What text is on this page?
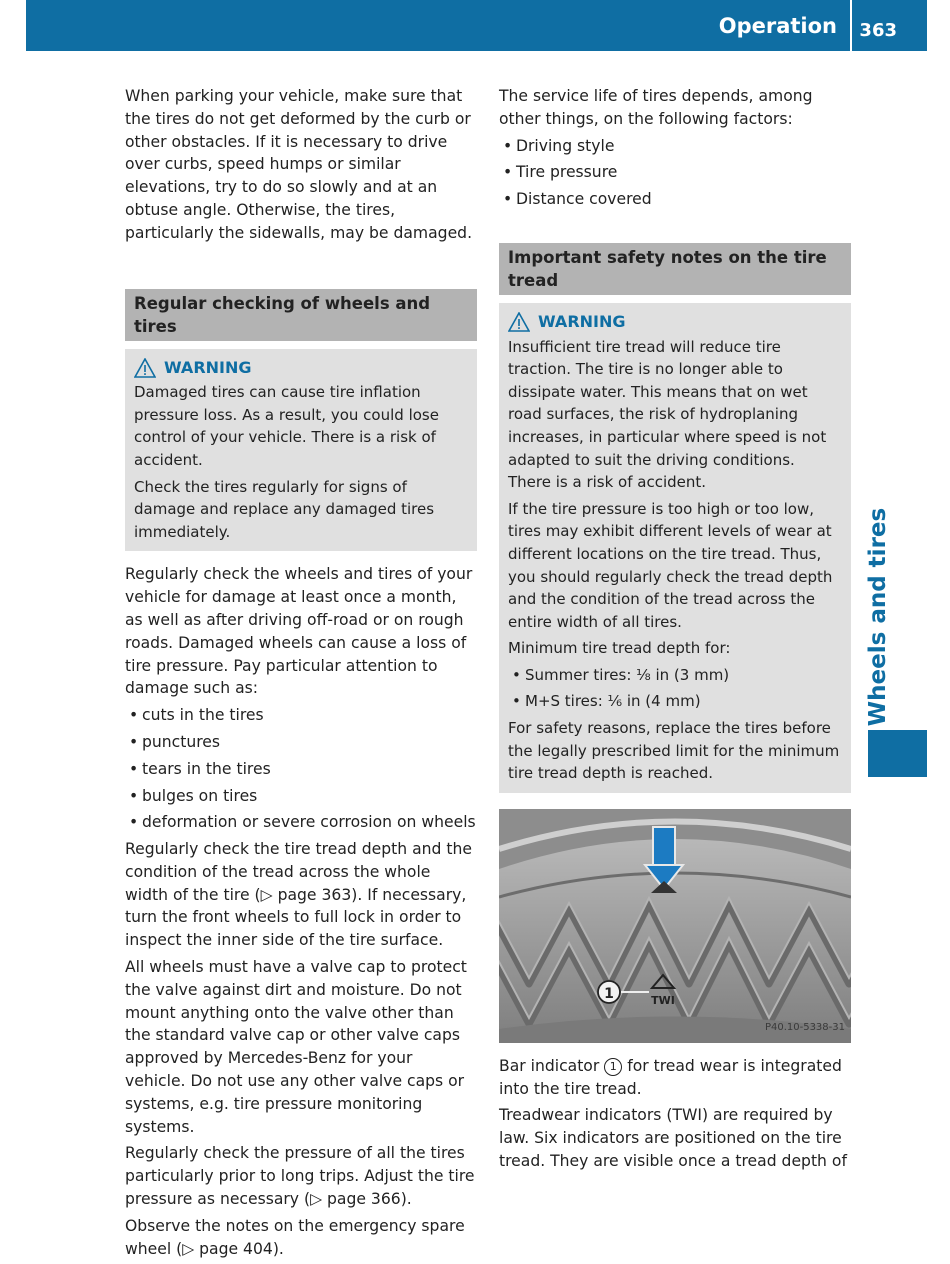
Operation 363
Wheels and tires

When parking your vehicle, make sure that the tires do not get deformed by the curb or other obstacles. If it is necessary to drive over curbs, speed humps or similar elevations, try to do so slowly and at an obtuse angle. Otherwise, the tires, particularly the sidewalls, may be damaged.

Regular checking of wheels and tires
WARNING

Damaged tires can cause tire inflation pressure loss. As a result, you could lose control of your vehicle. There is a risk of accident.

Check the tires regularly for signs of damage and replace any damaged tires immediately.

Regularly check the wheels and tires of your vehicle for damage at least once a month, as well as after driving off-road or on rough roads. Damaged wheels can cause a loss of tire pressure. Pay particular attention to damage such as:

• cuts in the tires
• punctures
• tears in the tires
• bulges on tires
• deformation or severe corrosion on wheels

Regularly check the tire tread depth and the condition of the tread across the whole width of the tire (▷ page 363). If necessary, turn the front wheels to full lock in order to inspect the inner side of the tire surface.

All wheels must have a valve cap to protect the valve against dirt and moisture. Do not mount anything onto the valve other than the standard valve cap or other valve caps approved by Mercedes-Benz for your vehicle. Do not use any other valve caps or systems, e.g. tire pressure monitoring systems.

Regularly check the pressure of all the tires particularly prior to long trips. Adjust the tire pressure as necessary (▷ page 366).

Observe the notes on the emergency spare wheel (▷ page 404).

The service life of tires depends, among other things, on the following factors:

• Driving style
• Tire pressure
• Distance covered
Important safety notes on the tire tread
WARNING

Insufficient tire tread will reduce tire traction. The tire is no longer able to dissipate water. This means that on wet road surfaces, the risk of hydroplaning increases, in particular where speed is not adapted to suit the driving conditions. There is a risk of accident.

If the tire pressure is too high or too low, tires may exhibit different levels of wear at different locations on the tire tread. Thus, you should regularly check the tread depth and the condition of the tread across the entire width of all tires.

Minimum tire tread depth for:

• Summer tires: ⅛ in (3 mm)
• M+S tires: ⅙ in (4 mm)

For safety reasons, replace the tires before the legally prescribed limit for the minimum tire tread depth is reached.

1	TWI
P40.10-5338-31

Bar indicator 1 for tread wear is integrated into the tire tread.

Treadwear indicators (TWI) are required by law. Six indicators are positioned on the tire tread. They are visible once a tread depth of
